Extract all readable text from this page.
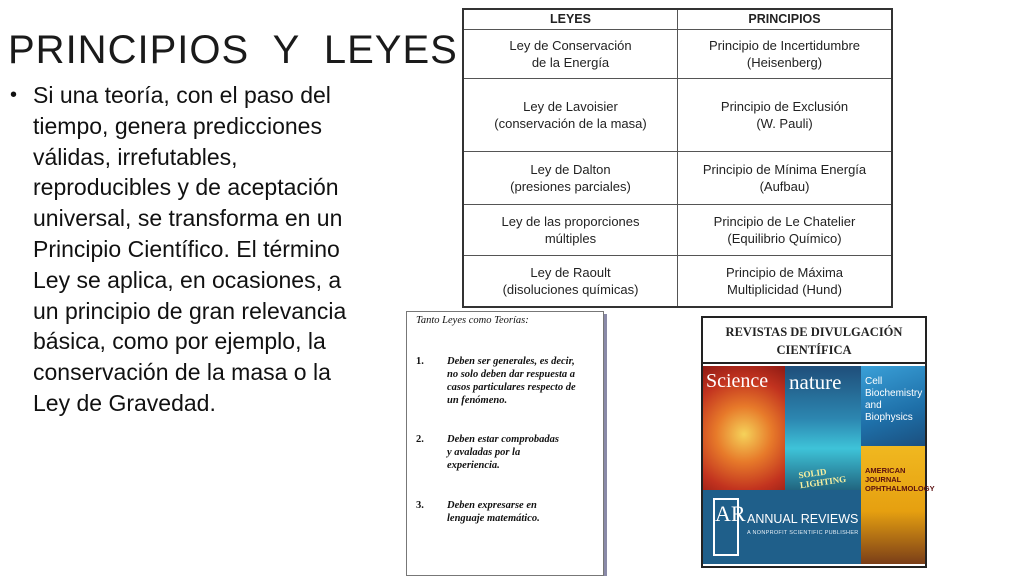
PRINCIPIOS  Y  LEYES
• Si una teoría, con el paso del tiempo, genera predicciones válidas, irrefutables, reproducibles y de aceptación universal, se transforma en un Principio Científico. El término Ley se aplica, en ocasiones, a un principio de gran relevancia básica, como por ejemplo, la conservación de la masa o la Ley de Gravedad.
LEYES	PRINCIPIOS

Ley de Conservación
de la Energía	Principio de Incertidumbre
(Heisenberg)

Ley de Lavoisier
(conservación de la masa)	Principio de Exclusión
(W. Pauli)

Ley de Dalton
(presiones parciales)	Principio de Mínima Energía
(Aufbau)

Ley de las proporciones
múltiples	Principio de Le Chatelier
(Equilibrio Químico)

Ley de Raoult
(disoluciones químicas)	Principio de Máxima
Multiplicidad (Hund)
Tanto Leyes como Teorías:
1. Deben ser generales, es decir,
no solo deben dar respuesta a
casos particulares respecto de
un fenómeno.
2. Deben estar comprobadas
y avaladas por la
experiencia.
3. Deben expresarse en
lenguaje matemático.
REVISTAS DE DIVULGACIÓN
CIENTÍFICA
Science nature
SOLID LIGHTING
Cell Biochemistry
and Biophysics
AMERICAN JOURNAL
OPHTHALMOLOGY
AR ANNUAL REVIEWS
A NONPROFIT SCIENTIFIC PUBLISHER
